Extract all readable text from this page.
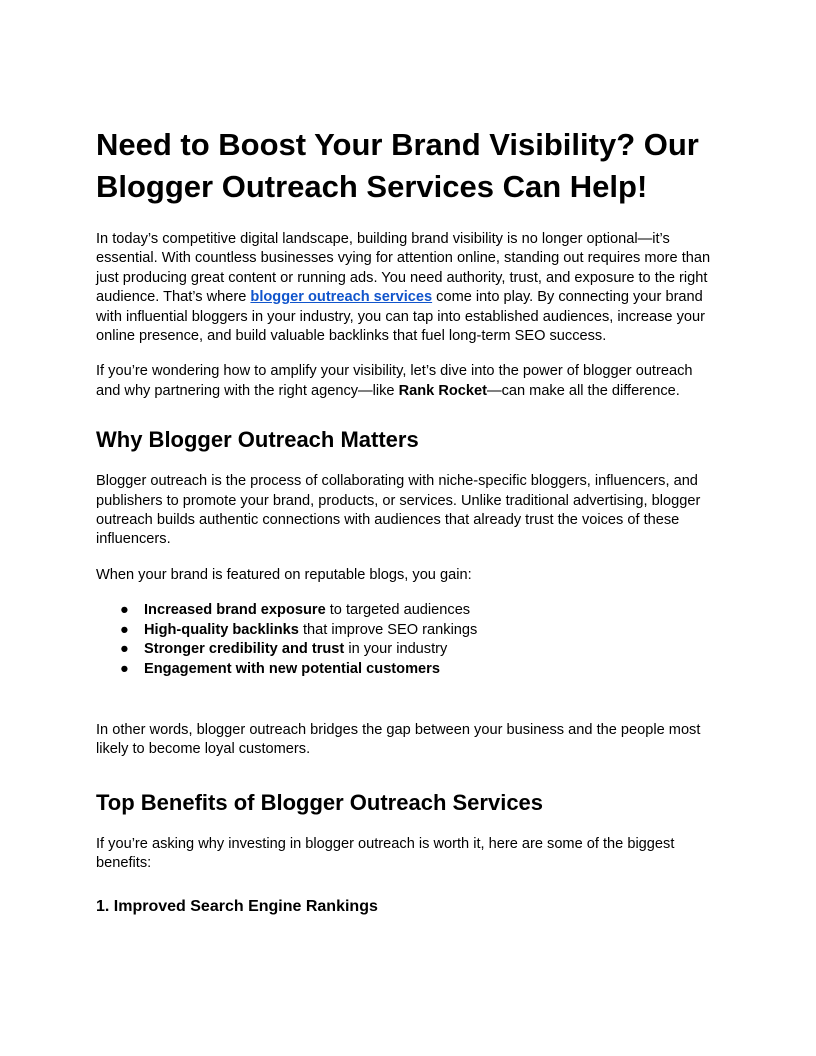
Need to Boost Your Brand Visibility? Our Blogger Outreach Services Can Help!

In today’s competitive digital landscape, building brand visibility is no longer optional—it’s essential. With countless businesses vying for attention online, standing out requires more than just producing great content or running ads. You need authority, trust, and exposure to the right audience. That’s where blogger outreach services come into play. By connecting your brand with influential bloggers in your industry, you can tap into established audiences, increase your online presence, and build valuable backlinks that fuel long-term SEO success.

If you’re wondering how to amplify your visibility, let’s dive into the power of blogger outreach and why partnering with the right agency—like Rank Rocket—can make all the difference.

Why Blogger Outreach Matters

Blogger outreach is the process of collaborating with niche-specific bloggers, influencers, and publishers to promote your brand, products, or services. Unlike traditional advertising, blogger outreach builds authentic connections with audiences that already trust the voices of these influencers.

When your brand is featured on reputable blogs, you gain:

● Increased brand exposure to targeted audiences
● High-quality backlinks that improve SEO rankings
● Stronger credibility and trust in your industry
● Engagement with new potential customers

In other words, blogger outreach bridges the gap between your business and the people most likely to become loyal customers.

Top Benefits of Blogger Outreach Services

If you’re asking why investing in blogger outreach is worth it, here are some of the biggest benefits:

1. Improved Search Engine Rankings
